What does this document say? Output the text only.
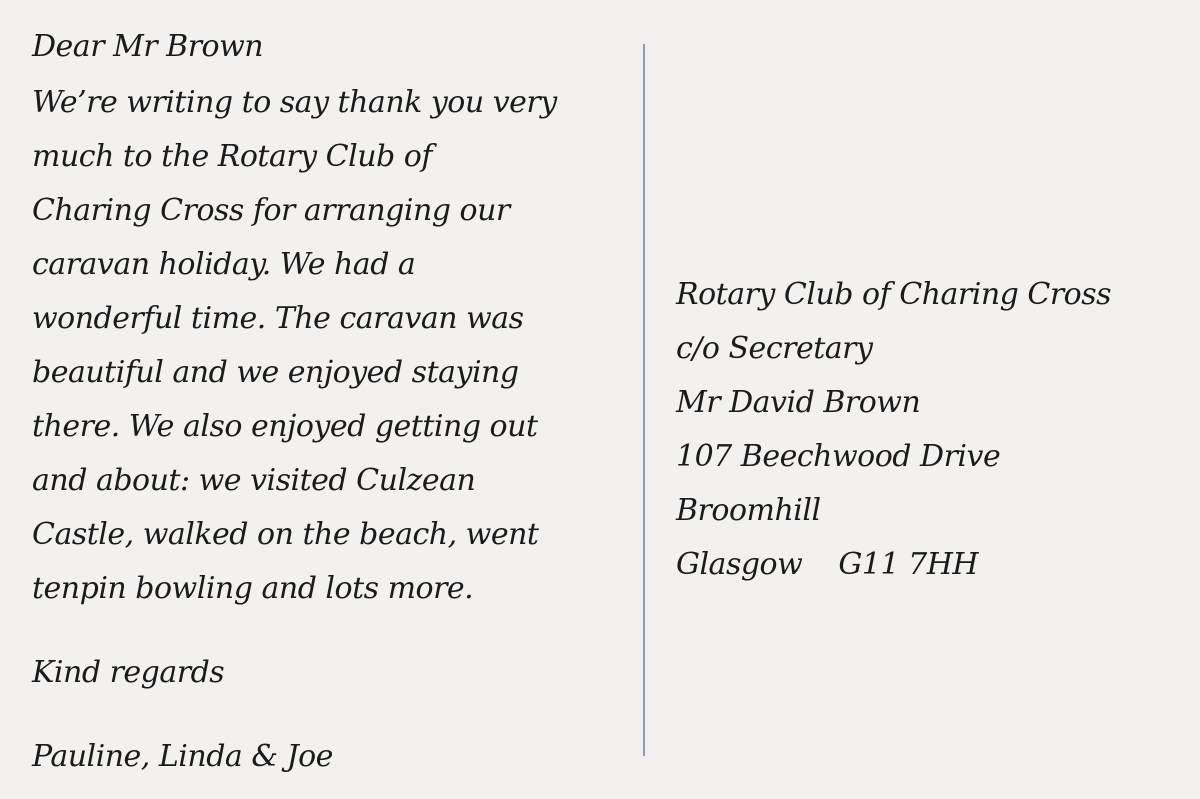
Dear Mr Brown
We’re writing to say thank you very
much to the Rotary Club of
Charing Cross for arranging our
caravan holiday. We had a
wonderful time. The caravan was
beautiful and we enjoyed staying
there. We also enjoyed getting out
and about: we visited Culzean
Castle, walked on the beach, went
tenpin bowling and lots more.
Kind regards
Pauline, Linda & Joe
Rotary Club of Charing Cross
c/o Secretary
Mr David Brown
107 Beechwood Drive
Broomhill
Glasgow    G11 7HH
